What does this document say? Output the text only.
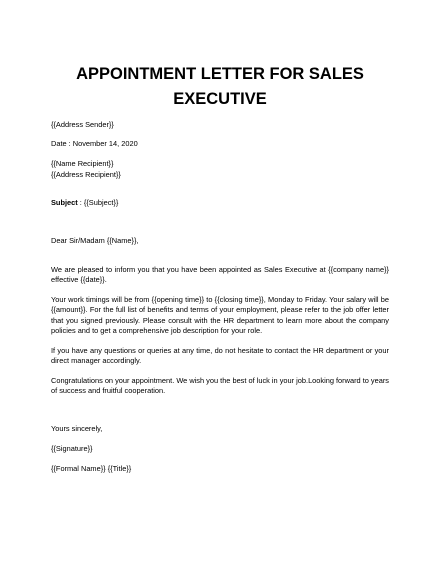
APPOINTMENT LETTER FOR SALES
EXECUTIVE
{{Address Sender}}
Date : November 14, 2020
{{Name Recipient}}
{{Address Recipient}}
Subject : {{Subject}}
Dear Sir/Madam {{Name}},
We are pleased to inform you that you have been appointed as Sales Executive at {{company name}} effective {{date}}.
Your work timings will be from {{opening time}} to {{closing time}}, Monday to Friday. Your salary will be {{amount}}. For the full list of benefits and terms of your employment, please refer to the job offer letter that you signed previously. Please consult with the HR department to learn more about the company policies and to get a comprehensive job description for your role.
If you have any questions or queries at any time, do not hesitate to contact the HR department or your direct manager accordingly.
Congratulations on your appointment. We wish you the best of luck in your job.Looking forward to years of success and fruitful cooperation.
Yours sincerely,
{{Signature}}
{{Formal Name}} {{Title}}
